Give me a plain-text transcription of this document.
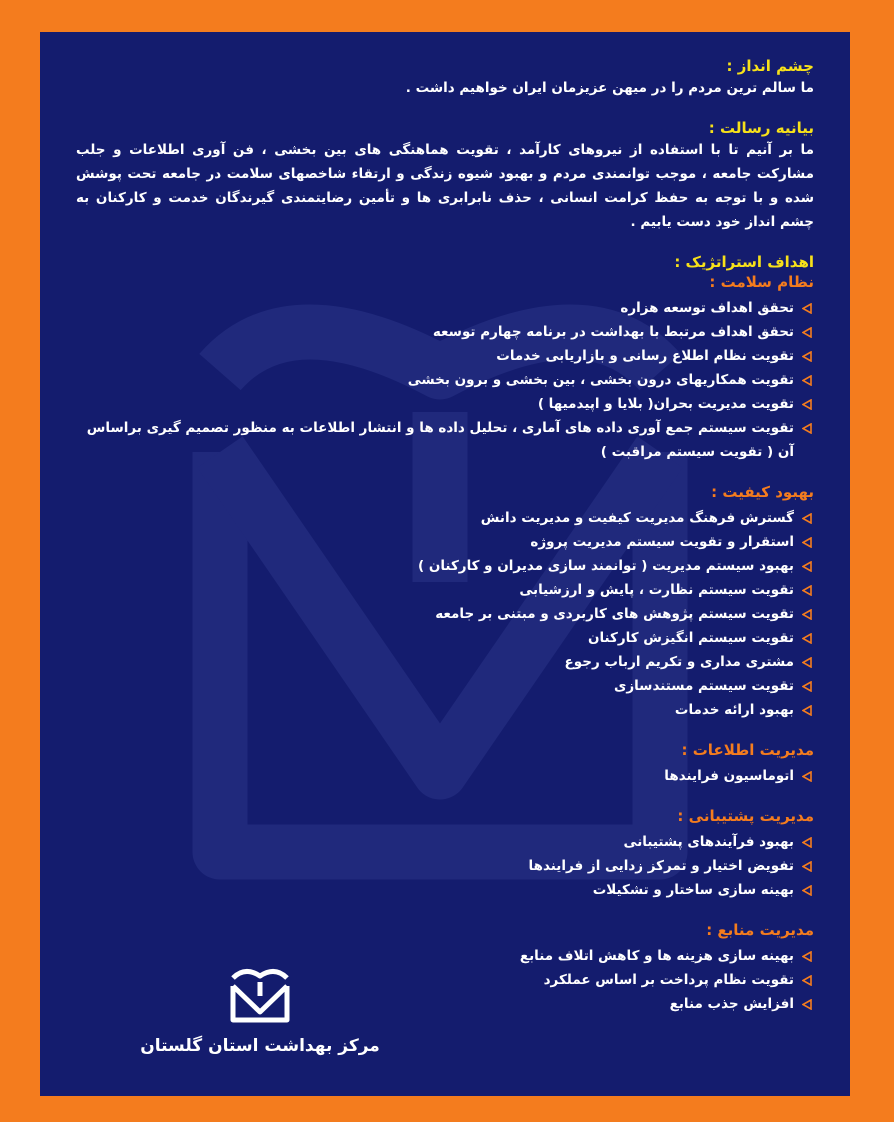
چشم انداز :
ما سالم ترین مردم را در میهن عزیزمان ایران خواهیم داشت .
بیانیه رسالت :
ما بر آنیم تا با استفاده از نیروهای کارآمد ، تقویت هماهنگی های بین بخشی ، فن آوری اطلاعات و جلب مشارکت جامعه ، موجب توانمندی مردم و بهبود شیوه زندگی و ارتقاء شاخصهای سلامت در جامعه تحت پوشش شده و با توجه به حفظ کرامت انسانی ، حذف نابرابری ها و تأمین رضایتمندی گیرندگان خدمت و کارکنان به چشم انداز خود دست یابیم .
اهداف استراتژیک :
نظام سلامت :
تحقق اهداف توسعه هزاره
تحقق اهداف مرتبط با بهداشت در برنامه چهارم توسعه
تقویت نظام اطلاع رسانی و بازاریابی خدمات
تقویت همکاریهای درون بخشی ، بین بخشی و برون بخشی
تقویت مدیریت بحران( بلایا و اپیدمیها )
تقویت سیستم جمع آوری داده های آماری ، تحلیل داده ها و انتشار اطلاعات به منظور تصمیم گیری براساس آن ( تقویت سیستم مراقبت )
بهبود کیفیت :
گسترش فرهنگ مدیریت کیفیت و مدیریت دانش
استقرار و تقویت سیستم مدیریت پروژه
بهبود سیستم مدیریت ( توانمند سازی مدیران و کارکنان )
تقویت سیستم نظارت ، پایش و ارزشیابی
تقویت سیستم پژوهش های کاربردی و مبتنی بر جامعه
تقویت سیستم انگیزش کارکنان
مشتری مداری و تکریم ارباب رجوع
تقویت سیستم مستندسازی
بهبود ارائه خدمات
مدیریت اطلاعات :
اتوماسیون فرایندها
مدیریت پشتیبانی :
بهبود فرآیندهای پشتیبانی
تفویض اختیار و تمرکز زدایی از فرایندها
بهینه سازی ساختار و تشکیلات
مدیریت منابع :
بهینه سازی هزینه ها و کاهش اتلاف منابع
تقویت نظام پرداخت بر اساس عملکرد
افزایش جذب منابع
مرکز بهداشت استان گلستان
